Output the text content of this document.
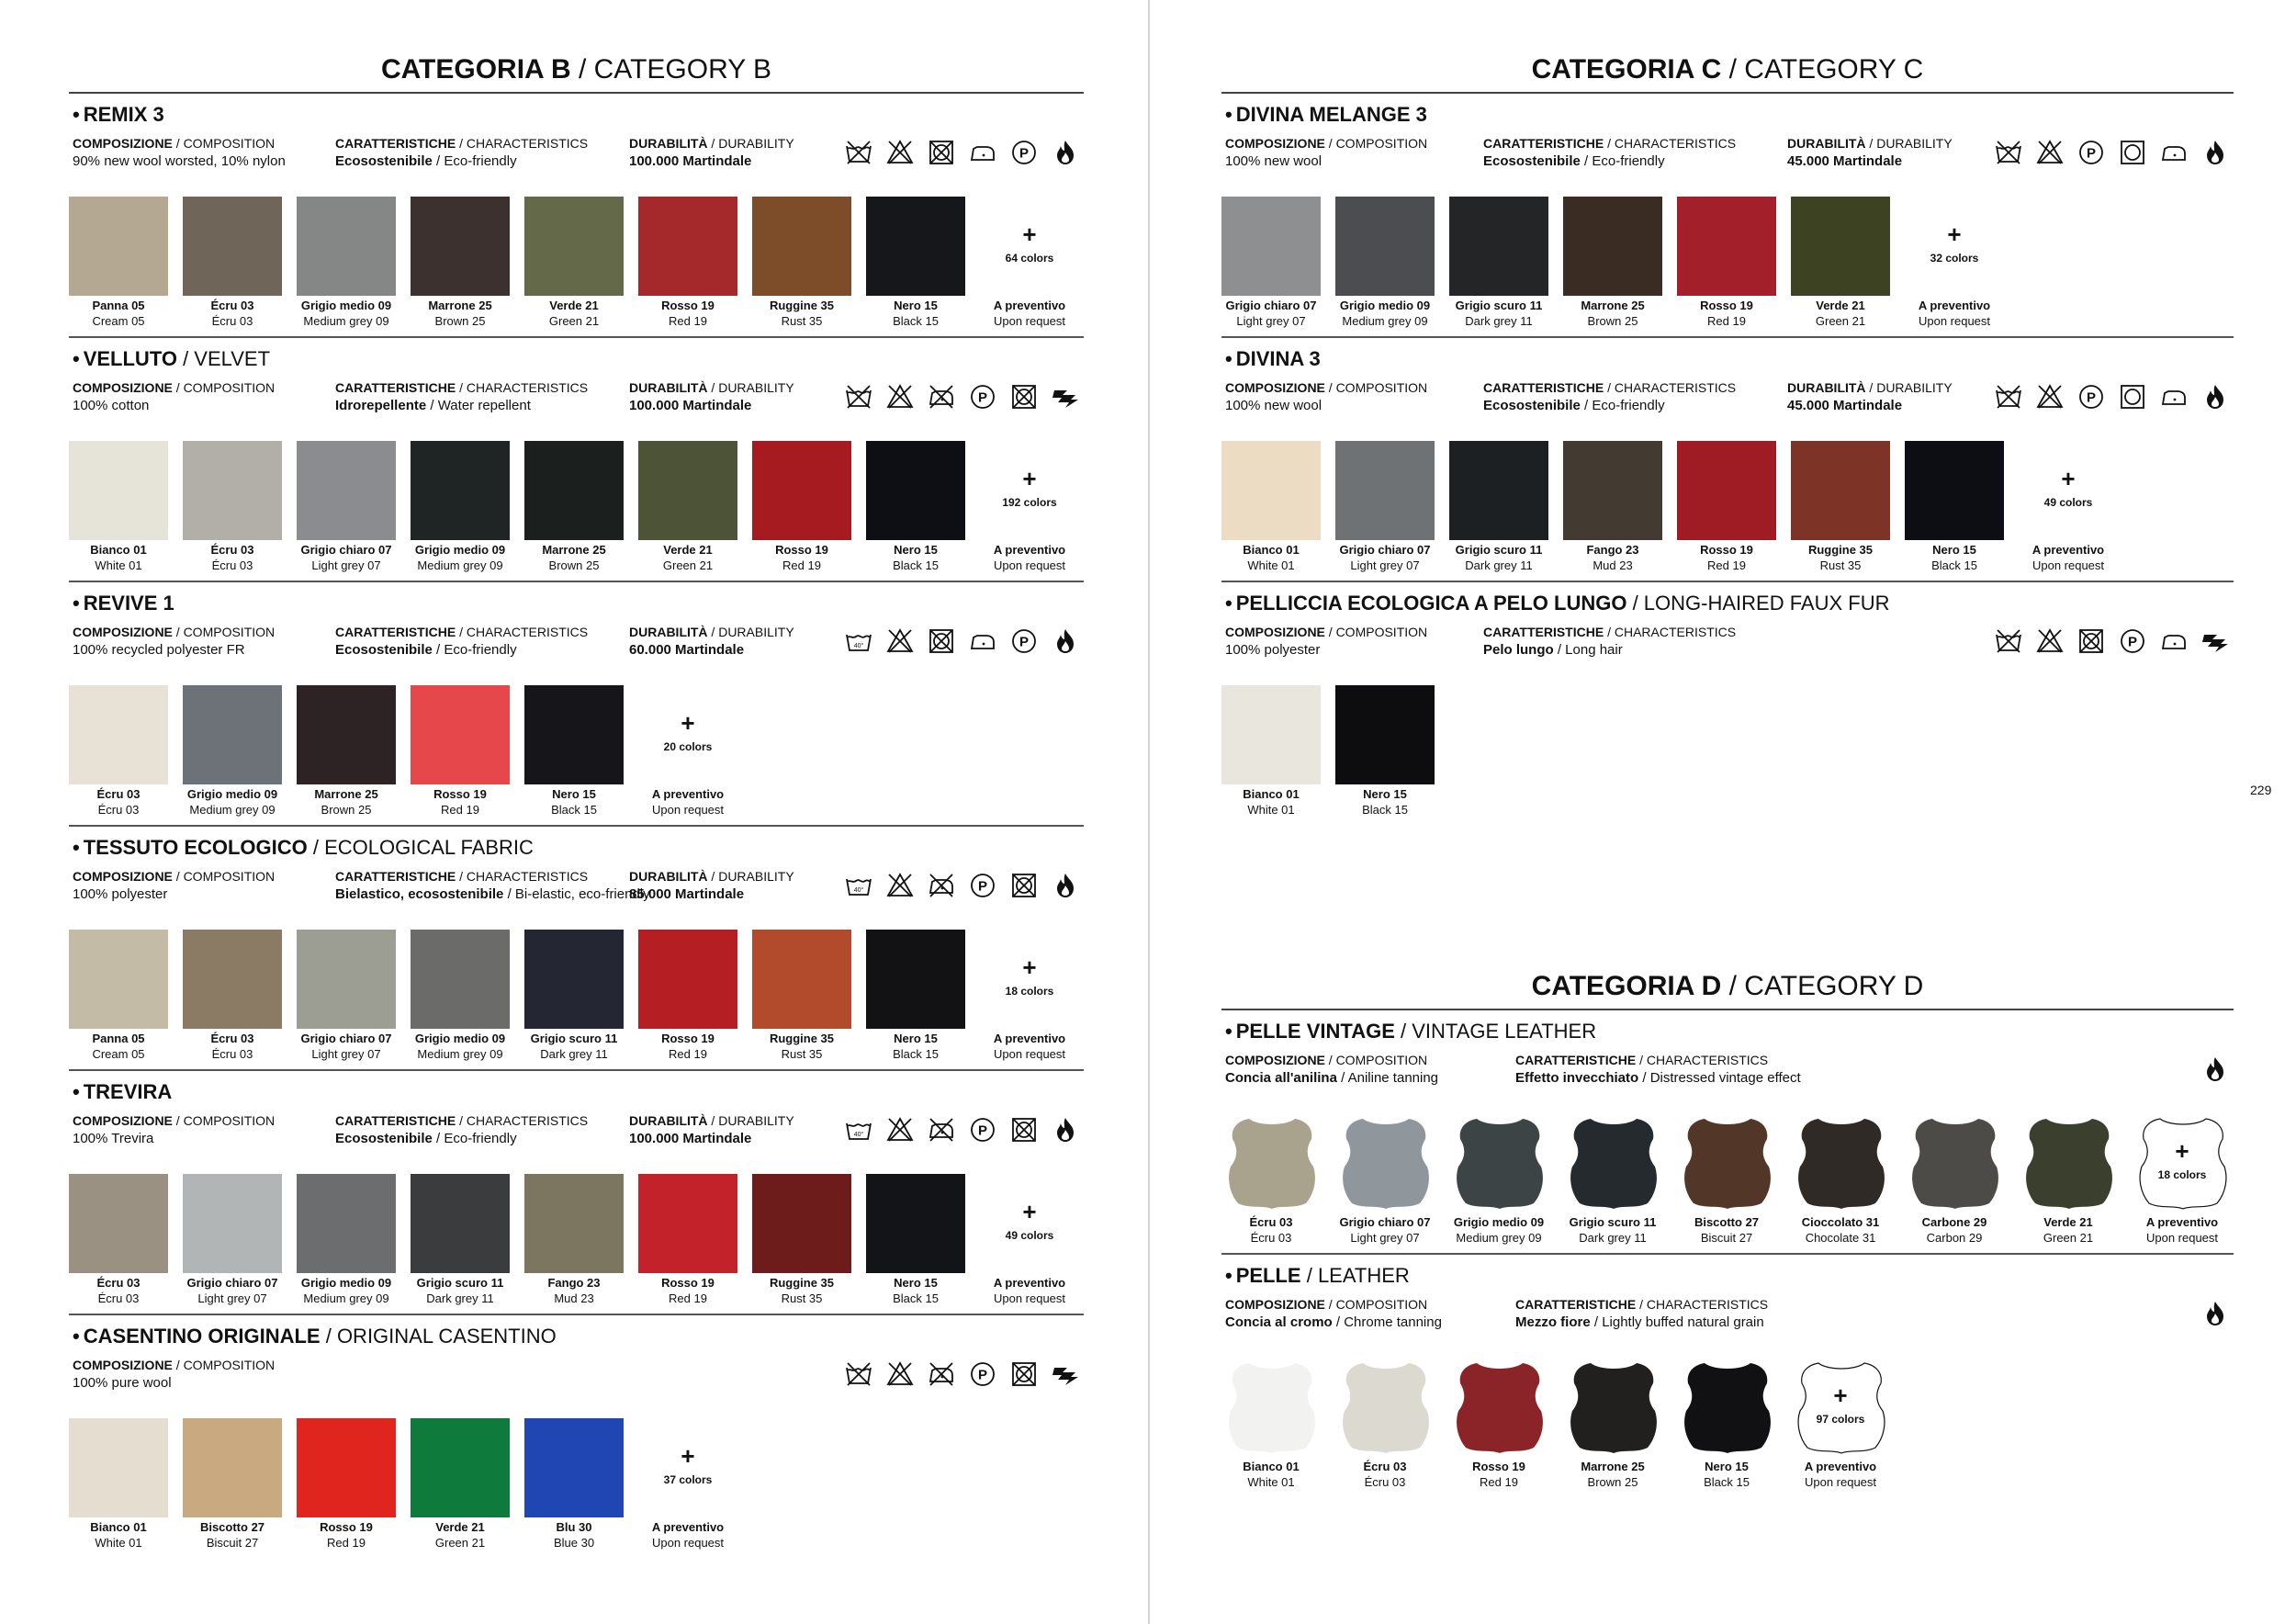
CATEGORIA B / CATEGORY B
• REMIX 3
COMPOSIZIONE / COMPOSITION
90% new wool worsted, 10% nylon
CARATTERISTICHE / CHARACTERISTICS
Ecosostenibile / Eco-friendly
DURABILITÀ / DURABILITY
100.000 Martindale	P
Panna 05
Cream 05
Écru 03
Écru 03
Grigio medio 09
Medium grey 09
Marrone 25
Brown 25
Verde 21
Green 21
Rosso 19
Red 19
Ruggine 35
Rust 35
Nero 15
Black 15
+
64 colors
A preventivo
Upon request
• VELLUTO / VELVET
COMPOSIZIONE / COMPOSITION
100% cotton
CARATTERISTICHE / CHARACTERISTICS
Idrorepellente / Water repellent
DURABILITÀ / DURABILITY
100.000 Martindale	P
Bianco 01
White 01
Écru 03
Écru 03
Grigio chiaro 07
Light grey 07
Grigio medio 09
Medium grey 09
Marrone 25
Brown 25
Verde 21
Green 21
Rosso 19
Red 19
Nero 15
Black 15
+
192 colors
A preventivo
Upon request
• REVIVE 1
COMPOSIZIONE / COMPOSITION
100% recycled polyester FR
CARATTERISTICHE / CHARACTERISTICS
Ecosostenibile / Eco-friendly
DURABILITÀ / DURABILITY
60.000 Martindale	40°	P
Écru 03
Écru 03
Grigio medio 09
Medium grey 09
Marrone 25
Brown 25
Rosso 19
Red 19
Nero 15
Black 15
+
20 colors
A preventivo
Upon request
• TESSUTO ECOLOGICO / ECOLOGICAL FABRIC
COMPOSIZIONE / COMPOSITION
100% polyester
CARATTERISTICHE / CHARACTERISTICS
Bielastico, ecosostenibile / Bi-elastic, eco-friendly
DURABILITÀ / DURABILITY
85.000 Martindale	40°	P
Panna 05
Cream 05
Écru 03
Écru 03
Grigio chiaro 07
Light grey 07
Grigio medio 09
Medium grey 09
Grigio scuro 11
Dark grey 11
Rosso 19
Red 19
Ruggine 35
Rust 35
Nero 15
Black 15
+
18 colors
A preventivo
Upon request
• TREVIRA
COMPOSIZIONE / COMPOSITION
100% Trevira
CARATTERISTICHE / CHARACTERISTICS
Ecosostenibile / Eco-friendly
DURABILITÀ / DURABILITY
100.000 Martindale	40°	P
Écru 03
Écru 03
Grigio chiaro 07
Light grey 07
Grigio medio 09
Medium grey 09
Grigio scuro 11
Dark grey 11
Fango 23
Mud 23
Rosso 19
Red 19
Ruggine 35
Rust 35
Nero 15
Black 15
+
49 colors
A preventivo
Upon request
• CASENTINO ORIGINALE / ORIGINAL CASENTINO
COMPOSIZIONE / COMPOSITION
100% pure wool	P
Bianco 01
White 01
Biscotto 27
Biscuit 27
Rosso 19
Red 19
Verde 21
Green 21
Blu 30
Blue 30
+
37 colors
A preventivo
Upon request
CATEGORIA C / CATEGORY C
• DIVINA MELANGE 3
COMPOSIZIONE / COMPOSITION
100% new wool
CARATTERISTICHE / CHARACTERISTICS
Ecosostenibile / Eco-friendly
DURABILITÀ / DURABILITY
45.000 Martindale	P
Grigio chiaro 07
Light grey 07
Grigio medio 09
Medium grey 09
Grigio scuro 11
Dark grey 11
Marrone 25
Brown 25
Rosso 19
Red 19
Verde 21
Green 21
+
32 colors
A preventivo
Upon request
• DIVINA 3
COMPOSIZIONE / COMPOSITION
100% new wool
CARATTERISTICHE / CHARACTERISTICS
Ecosostenibile / Eco-friendly
DURABILITÀ / DURABILITY
45.000 Martindale	P
Bianco 01
White 01
Grigio chiaro 07
Light grey 07
Grigio scuro 11
Dark grey 11
Fango 23
Mud 23
Rosso 19
Red 19
Ruggine 35
Rust 35
Nero 15
Black 15
+
49 colors
A preventivo
Upon request
• PELLICCIA ECOLOGICA A PELO LUNGO / LONG-HAIRED FAUX FUR
COMPOSIZIONE / COMPOSITION
100% polyester
CARATTERISTICHE / CHARACTERISTICS
Pelo lungo / Long hair	P
Bianco 01
White 01
Nero 15
Black 15
CATEGORIA D / CATEGORY D
• PELLE VINTAGE / VINTAGE LEATHER
COMPOSIZIONE / COMPOSITION
Concia all'anilina / Aniline tanning
CARATTERISTICHE / CHARACTERISTICS
Effetto invecchiato / Distressed vintage effect
Écru 03
Écru 03
Grigio chiaro 07
Light grey 07
Grigio medio 09
Medium grey 09
Grigio scuro 11
Dark grey 11
Biscotto 27
Biscuit 27
Cioccolato 31
Chocolate 31
Carbone 29
Carbon 29
Verde 21
Green 21
+
18 colors
A preventivo
Upon request
• PELLE / LEATHER
COMPOSIZIONE / COMPOSITION
Concia al cromo / Chrome tanning
CARATTERISTICHE / CHARACTERISTICS
Mezzo fiore / Lightly buffed natural grain
Bianco 01
White 01
Écru 03
Écru 03
Rosso 19
Red 19
Marrone 25
Brown 25
Nero 15
Black 15
+
97 colors
A preventivo
Upon request
229
